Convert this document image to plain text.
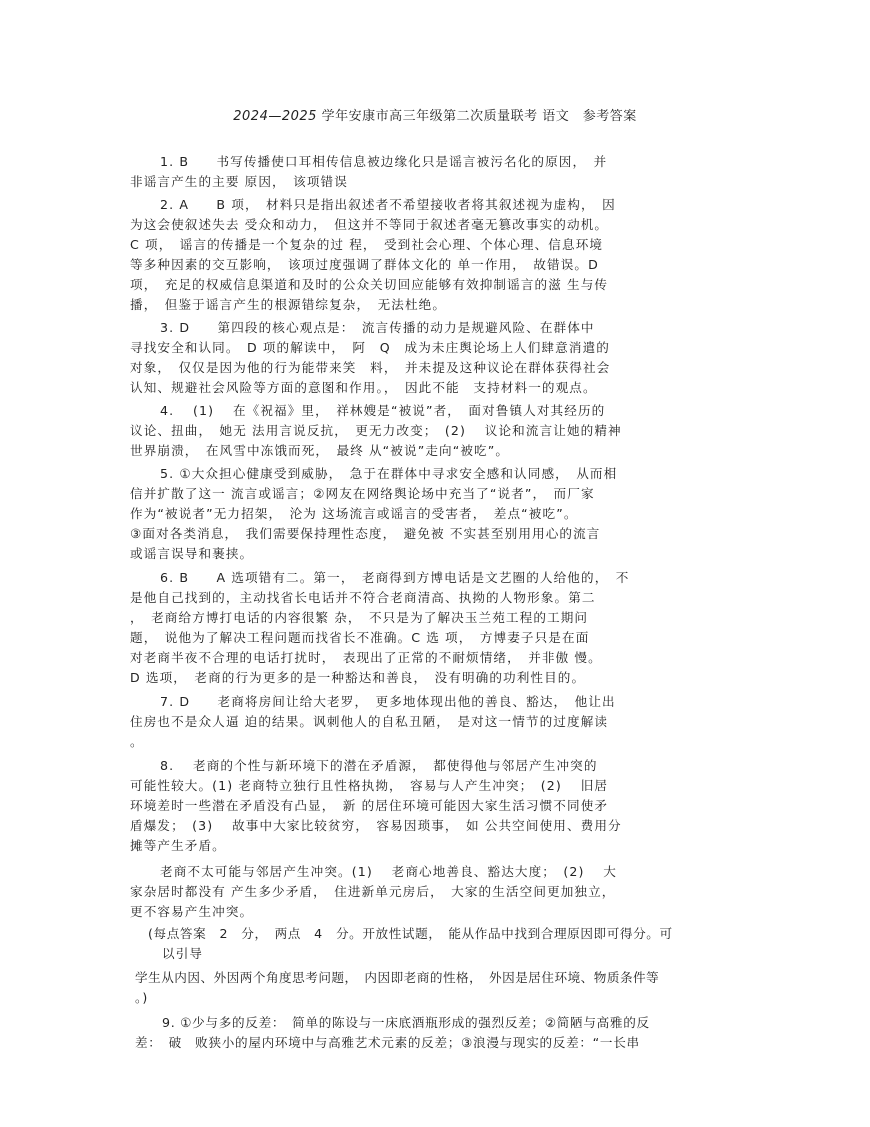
2024—2025 学年安康市高三年级第二次质量联考 语文　参考答案
1. B　　书写传播使口耳相传信息被边缘化只是谣言被污名化的原因，　并
非谣言产生的主要 原因，　该项错误
2. A　　B 项，　材料只是指出叙述者不希望接收者将其叙述视为虚构，　因
为这会使叙述失去 受众和动力，　但这并不等同于叙述者毫无篡改事实的动机。
C 项，　谣言的传播是一个复杂的过 程，　受到社会心理、个体心理、信息环境
等多种因素的交互影响，　该项过度强调了群体文化的 单一作用，　故错误。D
项，　充足的权威信息渠道和及时的公众关切回应能够有效抑制谣言的滋 生与传
播，　但鉴于谣言产生的根源错综复杂，　无法杜绝。
3. D　　第四段的核心观点是：　流言传播的动力是规避风险、在群体中
寻找安全和认同。　D 项的解读中，　阿　Q　成为未庄舆论场上人们肆意消遣的
对象，　仅仅是因为他的行为能带来笑　料，　并未提及这种议论在群体获得社会
认知、规避社会风险等方面的意图和作用。，　因此不能　支持材料一的观点。
4.　 (1)　 在《祝福》里，　祥林嫂是“被说”者，　面对鲁镇人对其经历的
议论、扭曲，　她无 法用言说反抗，　更无力改变；　(2)　 议论和流言让她的精神
世界崩溃，　在风雪中冻饿而死，　最终 从“被说”走向“被吃”。
5. ①大众担心健康受到威胁，　急于在群体中寻求安全感和认同感，　从而相
信并扩散了这一 流言或谣言；②网友在网络舆论场中充当了“说者”，　而厂家
作为“被说者”无力招架，　沦为 这场流言或谣言的受害者，　差点“被吃”。
③面对各类消息，　我们需要保持理性态度，　避免被 不实甚至别用用心的流言
或谣言误导和裹挟。
6. B　　A 选项错有二。第一，　老商得到方博电话是文艺圈的人给他的，　不
是他自己找到的，主动找省长电话并不符合老商清高、执拗的人物形象。第二
，　老商给方博打电话的内容很繁 杂，　不只是为了解决玉兰苑工程的工期问
题，　说他为了解决工程问题而找省长不准确。C 选 项，　方博妻子只是在面
对老商半夜不合理的电话打扰时，　表现出了正常的不耐烦情绪，　并非傲 慢。
D 选项，　老商的行为更多的是一种豁达和善良，　没有明确的功利性目的。
7. D　　老商将房间让给大老罗，　更多地体现出他的善良、豁达，　他让出
住房也不是众人逼 迫的结果。讽刺他人的自私丑陋，　是对这一情节的过度解读
。
8.　 老商的个性与新环境下的潜在矛盾源，　都使得他与邻居产生冲突的
可能性较大。(1) 老商特立独行且性格执拗，　容易与人产生冲突；　(2)　 旧居
环境差时一些潜在矛盾没有凸显，　新 的居住环境可能因大家生活习惯不同使矛
盾爆发；　(3)　 故事中大家比较贫穷，　容易因琐事，　如 公共空间使用、费用分
摊等产生矛盾。
老商不太可能与邻居产生冲突。(1)　 老商心地善良、豁达大度；　(2)　 大
家杂居时都没有 产生多少矛盾，　住进新单元房后，　大家的生活空间更加独立，
更不容易产生冲突。
(每点答案　2　分，　两点　4　分。开放性试题，　能从作品中找到合理原因即可得分。可
以引导
学生从内因、外因两个角度思考问题，　内因即老商的性格，　外因是居住环境、物质条件等
。)
9. ①少与多的反差：　简单的陈设与一床底酒瓶形成的强烈反差；②简陋与高雅的反
差：　破　败狭小的屋内环境中与高雅艺术元素的反差；③浪漫与现实的反差：“一长串
